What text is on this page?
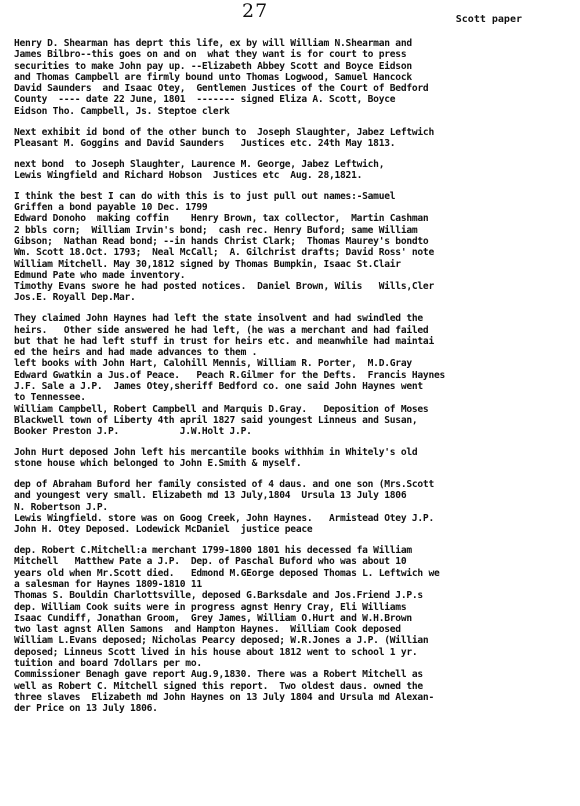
27	Scott paper
Henry D. Shearman has deprt this life, ex by will William N.Shearman and
James Bilbro--this goes on and on  what they want is for court to press
securities to make John pay up. --Elizabeth Abbey Scott and Boyce Eidson
and Thomas Campbell are firmly bound unto Thomas Logwood, Samuel Hancock
David Saunders  and Isaac Otey,  Gentlemen Justices of the Court of Bedford
County  ---- date 22 June, 1801  ------- signed Eliza A. Scott, Boyce
Eidson Tho. Campbell, Js. Steptoe clerk
Next exhibit id bond of the other bunch to  Joseph Slaughter, Jabez Leftwich
Pleasant M. Goggins and David Saunders   Justices etc. 24th May 1813.
next bond  to Joseph Slaughter, Laurence M. George, Jabez Leftwich,
Lewis Wingfield and Richard Hobson  Justices etc  Aug. 28,1821.
I think the best I can do with this is to just pull out names:-Samuel
Griffen a bond payable 10 Dec. 1799
Edward Donoho  making coffin    Henry Brown, tax collector,  Martin Cashman
2 bbls corn;  William Irvin's bond;  cash rec. Henry Buford; same William
Gibson;  Nathan Read bond; --in hands Christ Clark;  Thomas Maurey's bondto
Wm. Scott 18.Oct. 1793;  Neal McCall;  A. Gilchrist drafts; David Ross' note
William Mitchell. May 30,1812 signed by Thomas Bumpkin, Isaac St.Clair
Edmund Pate who made inventory.
Timothy Evans swore he had posted notices.  Daniel Brown, Wilis   Wills,Cler
Jos.E. Royall Dep.Mar.
They claimed John Haynes had left the state insolvent and had swindled the
heirs.   Other side answered he had left, (he was a merchant and had failed
but that he had left stuff in trust for heirs etc. and meanwhile had maintai
ed the heirs and had made advances to them .
left books with John Hart, Calohill Mennis, William R. Porter,  M.D.Gray
Edward Gwatkin a Jus.of Peace.   Peach R.Gilmer for the Defts.  Francis Haynes
J.F. Sale a J.P.  James Otey,sheriff Bedford co. one said John Haynes went
to Tennessee.
William Campbell, Robert Campbell and Marquis D.Gray.   Deposition of Moses
Blackwell town of Liberty 4th april 1827 said youngest Linneus and Susan,
Booker Preston J.P.           J.W.Holt J.P.
John Hurt deposed John left his mercantile books withhim in Whitely's old
stone house which belonged to John E.Smith & myself.
dep of Abraham Buford her family consisted of 4 daus. and one son (Mrs.Scott
and youngest very small. Elizabeth md 13 July,1804  Ursula 13 July 1806
N. Robertson J.P.
Lewis Wingfield. store was on Goog Creek, John Haynes.   Armistead Otey J.P.
John H. Otey Deposed. Lodewick McDaniel  justice peace
dep. Robert C.Mitchell:a merchant 1799-1800 1801 his decessed fa William
Mitchell   Matthew Pate a J.P.  Dep. of Paschal Buford who was about 10
years old when Mr.Scott died.   Edmond M.GEorge deposed Thomas L. Leftwich we
a salesman for Haynes 1809-1810 11
Thomas S. Bouldin Charlottsville, deposed G.Barksdale and Jos.Friend J.P.s
dep. William Cook suits were in progress agnst Henry Cray, Eli Williams
Isaac Cundiff, Jonathan Groom,  Grey James, William O.Hurt and W.H.Brown
two last agnst Allen Samons  and Hampton Haynes.  William Cook deposed
William L.Evans deposed; Nicholas Pearcy deposed; W.R.Jones a J.P. (Willian
deposed; Linneus Scott lived in his house about 1812 went to school 1 yr.
tuition and board 7dollars per mo.
Commissioner Benagh gave report Aug.9,1830. There was a Robert Mitchell as
well as Robert C. Mitchell signed this report.  Two oldest daus. owned the
three slaves  Elizabeth md John Haynes on 13 July 1804 and Ursula md Alexan-
der Price on 13 July 1806.
